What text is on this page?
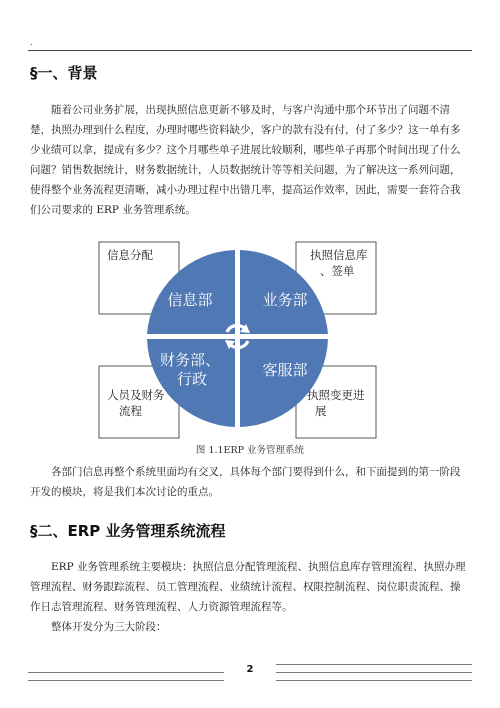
.
§一、背景

随着公司业务扩展，出现执照信息更新不够及时，与客户沟通中那个环节出了问题不清楚，执照办理到什么程度，办理时哪些资料缺少，客户的款有没有付，付了多少？这一单有多少业绩可以拿，提成有多少？这个月哪些单子进展比较顺利，哪些单子再那个时间出现了什么问题？销售数据统计，财务数据统计，人员数据统计等等相关问题，为了解决这一系列问题，使得整个业务流程更清晰，减小办理过程中出错几率，提高运作效率，因此，需要一套符合我们公司要求的 ERP 业务管理系统。

信息分配	执照信息库
、签单
人员及财务
流程
执照变更进
展
信息部	业务部
财务部、
行政	客服部
图 1.1ERP 业务管理系统

各部门信息再整个系统里面均有交叉，具体每个部门要得到什么，和下面提到的第一阶段开发的模块，将是我们本次讨论的重点。

§二、ERP 业务管理系统流程

ERP 业务管理系统主要模块：执照信息分配管理流程、执照信息库存管理流程、执照办理管理流程、财务跟踪流程、员工管理流程、业绩统计流程、权限控制流程、岗位职责流程、操作日志管理流程、财务管理流程、人力资源管理流程等。

整体开发分为三大阶段：

2
